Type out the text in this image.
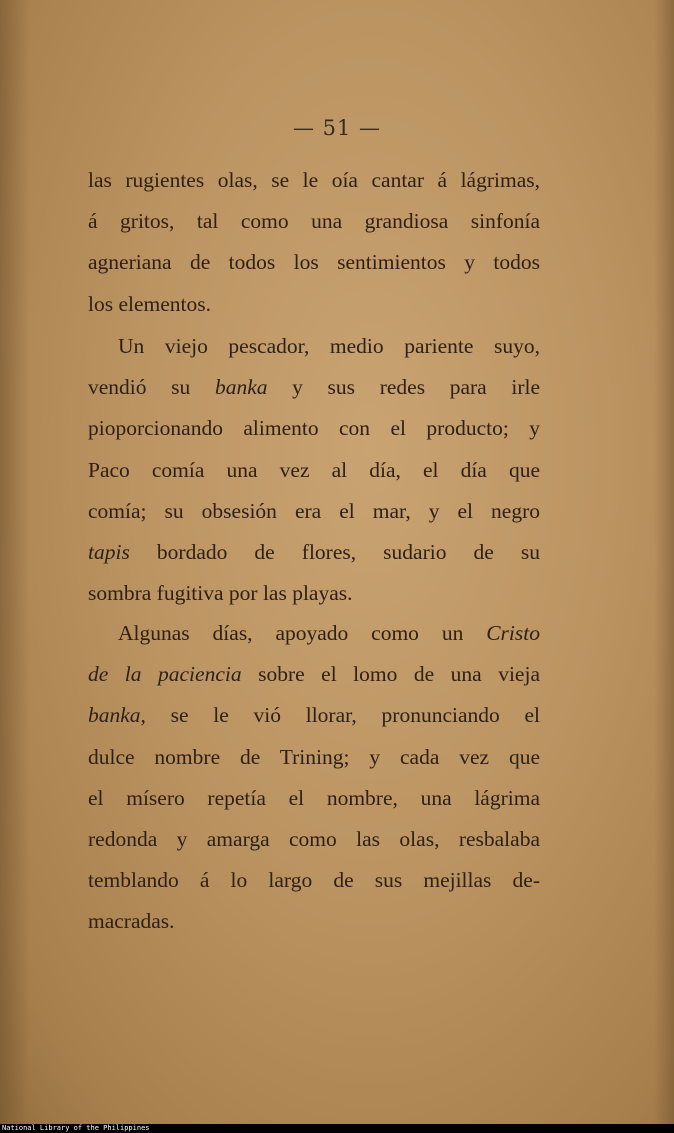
— 51 —
las rugientes olas, se le oía cantar á lágrimas,
á gritos, tal como una grandiosa sinfonía
agneriana de todos los sentimientos y todos
los elementos.
Un viejo pescador, medio pariente suyo,
vendió su banka y sus redes para irle
pioporcionando alimento con el producto; y
Paco comía una vez al día, el día que
comía; su obsesión era el mar, y el negro
tapis bordado de flores, sudario de su
sombra fugitiva por las playas.
Algunas días, apoyado como un Cristo
de la paciencia sobre el lomo de una vieja
banka, se le vió llorar, pronunciando el
dulce nombre de Trining; y cada vez que
el mísero repetía el nombre, una lágrima
redonda y amarga como las olas, resbalaba
temblando á lo largo de sus mejillas de-
macradas.
National Library of the Philippines
